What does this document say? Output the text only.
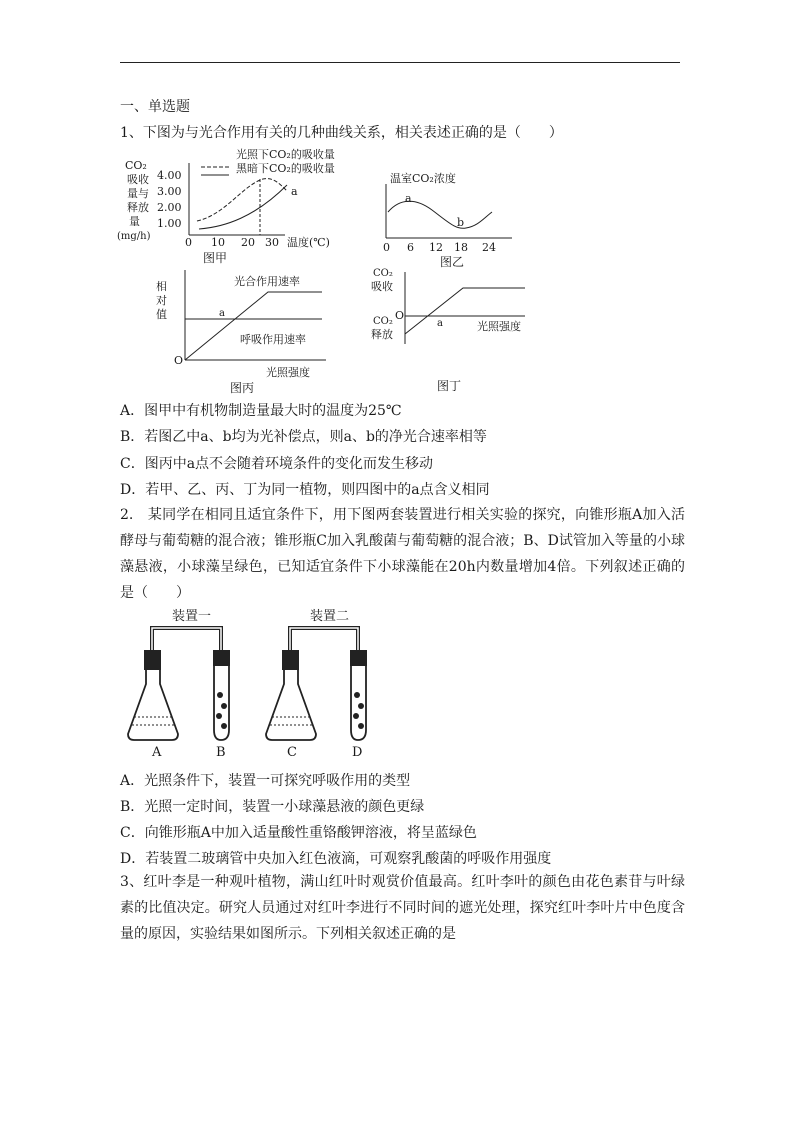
一、单选题
1、下图为与光合作用有关的几种曲线关系，相关表述正确的是（　　）
CO₂
吸收
量与
释放
量
(mg/h)
4.00
3.00
2.00
1.00
0 10 20 30 温度(℃)
光照下CO₂的吸收量
黑暗下CO₂的吸收量
a
图甲
温室CO₂浓度
a
b
0 6 12 18 24
图乙
相
对
值
光合作用速率
呼吸作用速率
a
O
光照强度
图丙
CO₂
吸收
CO₂
释放
O
a	光照强度
图丁
A．图甲中有机物制造量最大时的温度为25℃
B．若图乙中a、b均为光补偿点，则a、b的净光合速率相等
C．图丙中a点不会随着环境条件的变化而发生移动
D．若甲、乙、丙、丁为同一植物，则四图中的a点含义相同
2.　某同学在相同且适宜条件下，用下图两套装置进行相关实验的探究，向锥形瓶A加入活酵母与葡萄糖的混合液；锥形瓶C加入乳酸菌与葡萄糖的混合液；B、D试管加入等量的小球藻悬液，小球藻呈绿色，已知适宜条件下小球藻能在20h内数量增加4倍。下列叙述正确的是（　　）
装置一	装置二
A	B	C	D
A．光照条件下，装置一可探究呼吸作用的类型
B．光照一定时间，装置一小球藻悬液的颜色更绿
C．向锥形瓶A中加入适量酸性重铬酸钾溶液，将呈蓝绿色
D．若装置二玻璃管中央加入红色液滴，可观察乳酸菌的呼吸作用强度
3、红叶李是一种观叶植物，满山红叶时观赏价值最高。红叶李叶的颜色由花色素苷与叶绿素的比值决定。研究人员通过对红叶李进行不同时间的遮光处理，探究红叶李叶片中色度含量的原因，实验结果如图所示。下列相关叙述正确的是
